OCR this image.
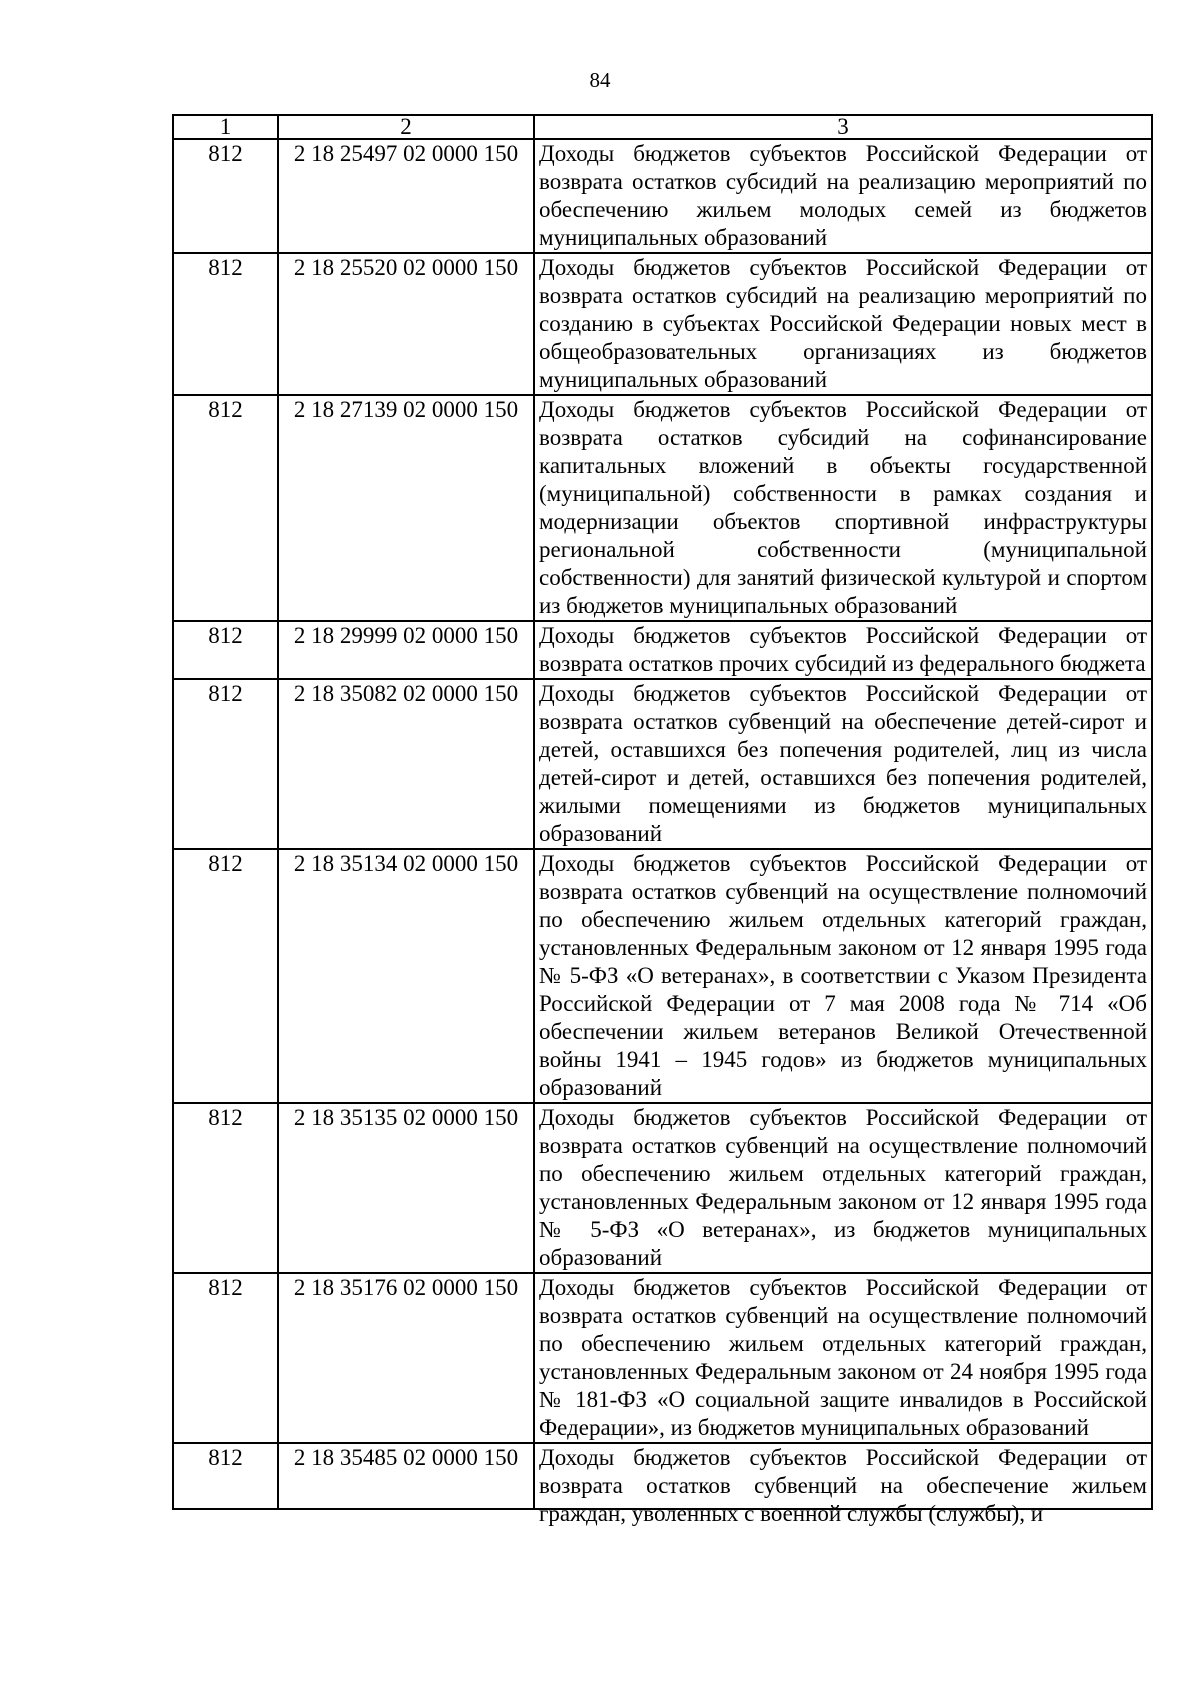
84
1	2	3
812	2 18 25497 02 0000 150	Доходы бюджетов субъектов Российской Федерации от возврата остатков субсидий на реализацию мероприятий по обеспечению жильем молодых семей из бюджетов муниципальных образований
812	2 18 25520 02 0000 150	Доходы бюджетов субъектов Российской Федерации от возврата остатков субсидий на реализацию мероприятий по созданию в субъектах Российской Федерации новых мест в общеобразовательных организациях из бюджетов муниципальных образований
812	2 18 27139 02 0000 150	Доходы бюджетов субъектов Российской Федерации от возврата остатков субсидий на софинансирование капитальных вложений в объекты государственной (муниципальной) собственности в рамках создания и модернизации объектов спортивной инфраструктуры региональной собственности (муниципальной собственности) для занятий физической культурой и спортом из бюджетов муниципальных образований
812	2 18 29999 02 0000 150	Доходы бюджетов субъектов Российской Федерации от возврата остатков прочих субсидий из федерального бюджета
812	2 18 35082 02 0000 150	Доходы бюджетов субъектов Российской Федерации от возврата остатков субвенций на обеспечение детей-сирот и детей, оставшихся без попечения родителей, лиц из числа детей-сирот и детей, оставшихся без попечения родителей, жилыми помещениями из бюджетов муниципальных образований
812	2 18 35134 02 0000 150	Доходы бюджетов субъектов Российской Федерации от возврата остатков субвенций на осуществление полномочий по обеспечению жильем отдельных категорий граждан, установленных Федеральным законом от 12 января 1995 года № 5-ФЗ «О ветеранах», в соответствии с Указом Президента Российской Федерации от 7 мая 2008 года № 714 «Об обеспечении жильем ветеранов Великой Отечественной войны 1941 – 1945 годов» из бюджетов муниципальных образований
812	2 18 35135 02 0000 150	Доходы бюджетов субъектов Российской Федерации от возврата остатков субвенций на осуществление полномочий по обеспечению жильем отдельных категорий граждан, установленных Федеральным законом от 12 января 1995 года № 5-ФЗ «О ветеранах», из бюджетов муниципальных образований
812	2 18 35176 02 0000 150	Доходы бюджетов субъектов Российской Федерации от возврата остатков субвенций на осуществление полномочий по обеспечению жильем отдельных категорий граждан, установленных Федеральным законом от 24 ноября 1995 года № 181-ФЗ «О социальной защите инвалидов в Российской Федерации», из бюджетов муниципальных образований
812	2 18 35485 02 0000 150	Доходы бюджетов субъектов Российской Федерации от возврата остатков субвенций на обеспечение жильем граждан, уволенных с военной службы (службы), и
